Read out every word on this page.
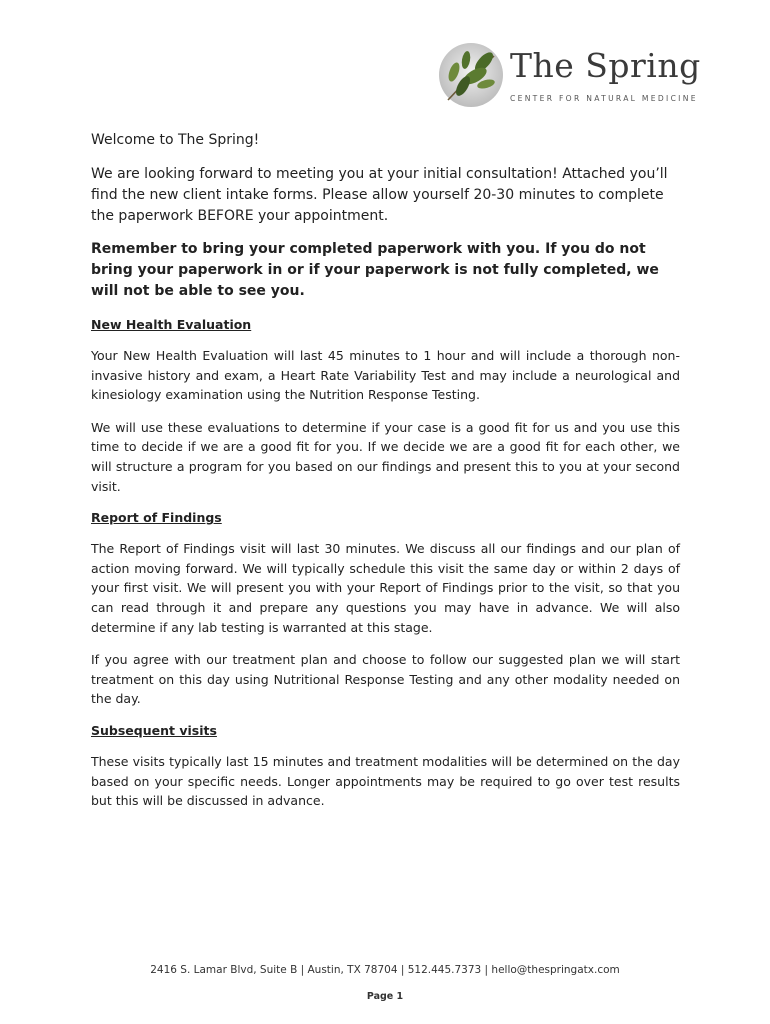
The Spring
CENTER FOR NATURAL MEDICINE

Welcome to The Spring!

We are looking forward to meeting you at your initial consultation! Attached you’ll find the new client intake forms. Please allow yourself 20-30 minutes to complete the paperwork BEFORE your appointment.

Remember to bring your completed paperwork with you. If you do not bring your paperwork in or if your paperwork is not fully completed, we will not be able to see you.

New Health Evaluation

Your New Health Evaluation will last 45 minutes to 1 hour and will include a thorough non-invasive history and exam, a Heart Rate Variability Test and may include a neurological and kinesiology examination using the Nutrition Response Testing.

We will use these evaluations to determine if your case is a good fit for us and you use this time to decide if we are a good fit for you. If we decide we are a good fit for each other, we will structure a program for you based on our findings and present this to you at your second visit.

Report of Findings

The Report of Findings visit will last 30 minutes. We discuss all our findings and our plan of action moving forward. We will typically schedule this visit the same day or within 2 days of your first visit. We will present you with your Report of Findings prior to the visit, so that you can read through it and prepare any questions you may have in advance. We will also determine if any lab testing is warranted at this stage.

If you agree with our treatment plan and choose to follow our suggested plan we will start treatment on this day using Nutritional Response Testing and any other modality needed on the day.

Subsequent visits

These visits typically last 15 minutes and treatment modalities will be determined on the day based on your specific needs. Longer appointments may be required to go over test results but this will be discussed in advance.

2416 S. Lamar Blvd, Suite B | Austin, TX 78704 | 512.445.7373 | hello@thespringatx.com
Page 1
